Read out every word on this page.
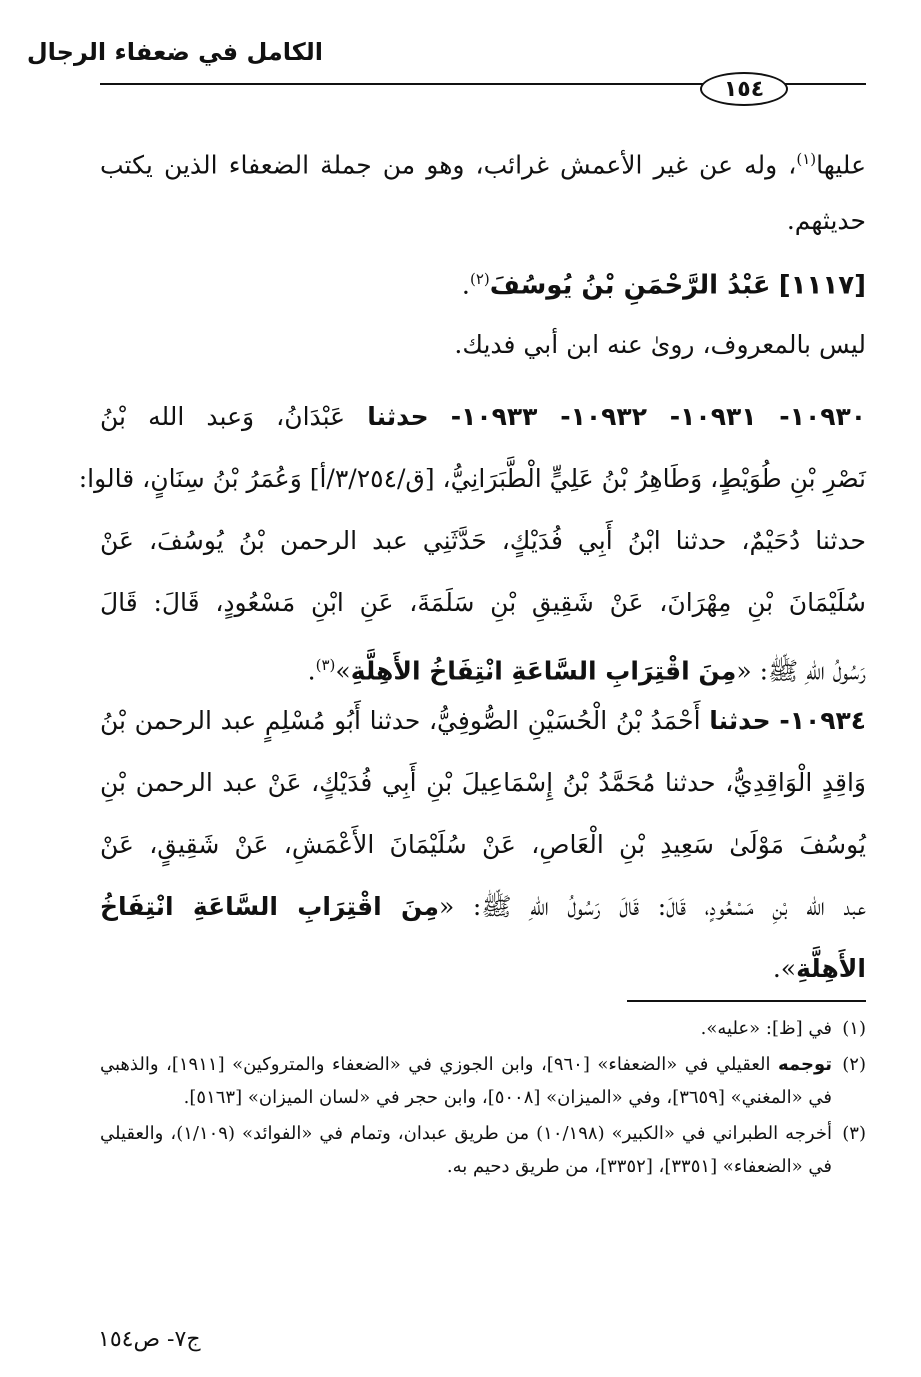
الكامل في ضعفاء الرجال
١٥٤
عليها$^{(١)}$، وله عن غير الأعمش غرائب، وهو من جملة الضعفاء الذين يكتب
حديثهم.
[١١١٧] عَبْدُ الرَّحْمَنِ بْنُ يُوسُفَ$^{(٢)}$.
ليس بالمعروف، روىٰ عنه ابن أبي فديك.
١٠٩٣٠- ١٠٩٣١- ١٠٩٣٢- ١٠٩٣٣- حدثنا عَبْدَانُ، وَعبد الله بْنُ
نَصْرِ بْنِ طُوَيْطٍ، وَطَاهِرُ بْنُ عَلِيٍّ الْطَّبَرَانِيُّ، [ق/٣/٢٥٤/أ] وَعُمَرُ بْنُ سِنَانٍ، قالوا:
حدثنا دُحَيْمٌ، حدثنا ابْنُ أَبِي فُدَيْكٍ، حَدَّثَنِي عبد الرحمن بْنُ يُوسُفَ، عَنْ
سُلَيْمَانَ بْنِ مِهْرَانَ، عَنْ شَقِيقِ بْنِ سَلَمَةَ، عَنِ ابْنِ مَسْعُودٍ، قَالَ: قَالَ
رَسُولُ اللهِ ﷺ: «مِنَ اقْتِرَابِ السَّاعَةِ انْتِفَاخُ الأَهِلَّةِ»$^{(٣)}$.
١٠٩٣٤- حدثنا أَحْمَدُ بْنُ الْحُسَيْنِ الصُّوفِيُّ، حدثنا أَبُو مُسْلِمٍ عبد الرحمن بْنُ
وَاقِدٍ الْوَاقِدِيُّ، حدثنا مُحَمَّدُ بْنُ إِسْمَاعِيلَ بْنِ أَبِي فُدَيْكٍ، عَنْ عبد الرحمن بْنِ
يُوسُفَ مَوْلَىٰ سَعِيدِ بْنِ الْعَاصِ، عَنْ سُلَيْمَانَ الأَعْمَشِ، عَنْ شَقِيقٍ، عَنْ
عبد الله بْنِ مَسْعُودٍ، قَالَ: قَالَ رَسُولُ اللهِ ﷺ: «مِنَ اقْتِرَابِ السَّاعَةِ انْتِفَاخُ
الأَهِلَّةِ».
(١)
في [ظ]: «عليه».
(٢)
توجمه العقيلي في «الضعفاء» [٩٦٠]، وابن الجوزي في «الضعفاء والمتروكين» [١٩١١]، والذهبي في «المغني» [٣٦٥٩]، وفي «الميزان» [٥٠٠٨]، وابن حجر في «لسان الميزان» [٥١٦٣].
(٣)
أخرجه الطبراني في «الكبير» (١٠/١٩٨) من طريق عبدان، وتمام في «الفوائد» (١/١٠٩)، والعقيلي في «الضعفاء» [٣٣٥١]، [٣٣٥٢]، من طريق دحيم به.
ج٧- ص١٥٤
